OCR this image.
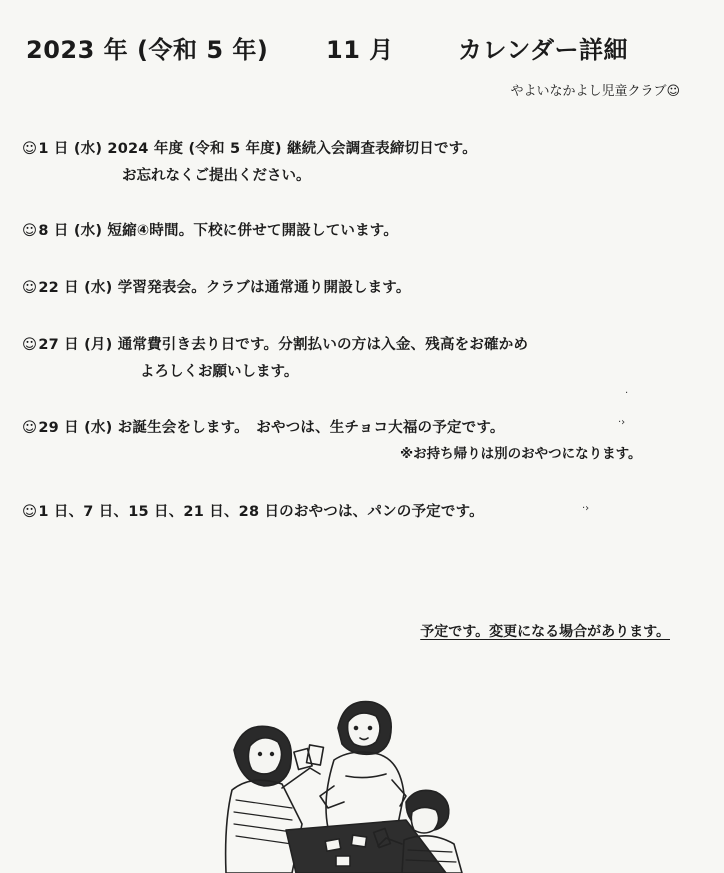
2023 年 (令和 5 年) 11 月	カレンダー詳細
やよいなかよし児童クラブ☺
☺1 日 (水) 2024 年度 (令和 5 年度) 継続入会調査表締切日です。
お忘れなくご提出ください。
☺8 日 (水) 短縮④時間。下校に併せて開設しています。
☺22 日 (水) 学習発表会。クラブは通常通り開設します。
☺27 日 (月) 通常費引き去り日です。分割払いの方は入金、残高をお確かめ
よろしくお願いします。
☺29 日 (水) お誕生会をします。　おやつは、生チョコ大福の予定です。
※お持ち帰りは別のおやつになります。
☺1 日、7 日、15 日、21 日、28 日のおやつは、パンの予定です。
予定です。変更になる場合があります。
·›
·›
·
